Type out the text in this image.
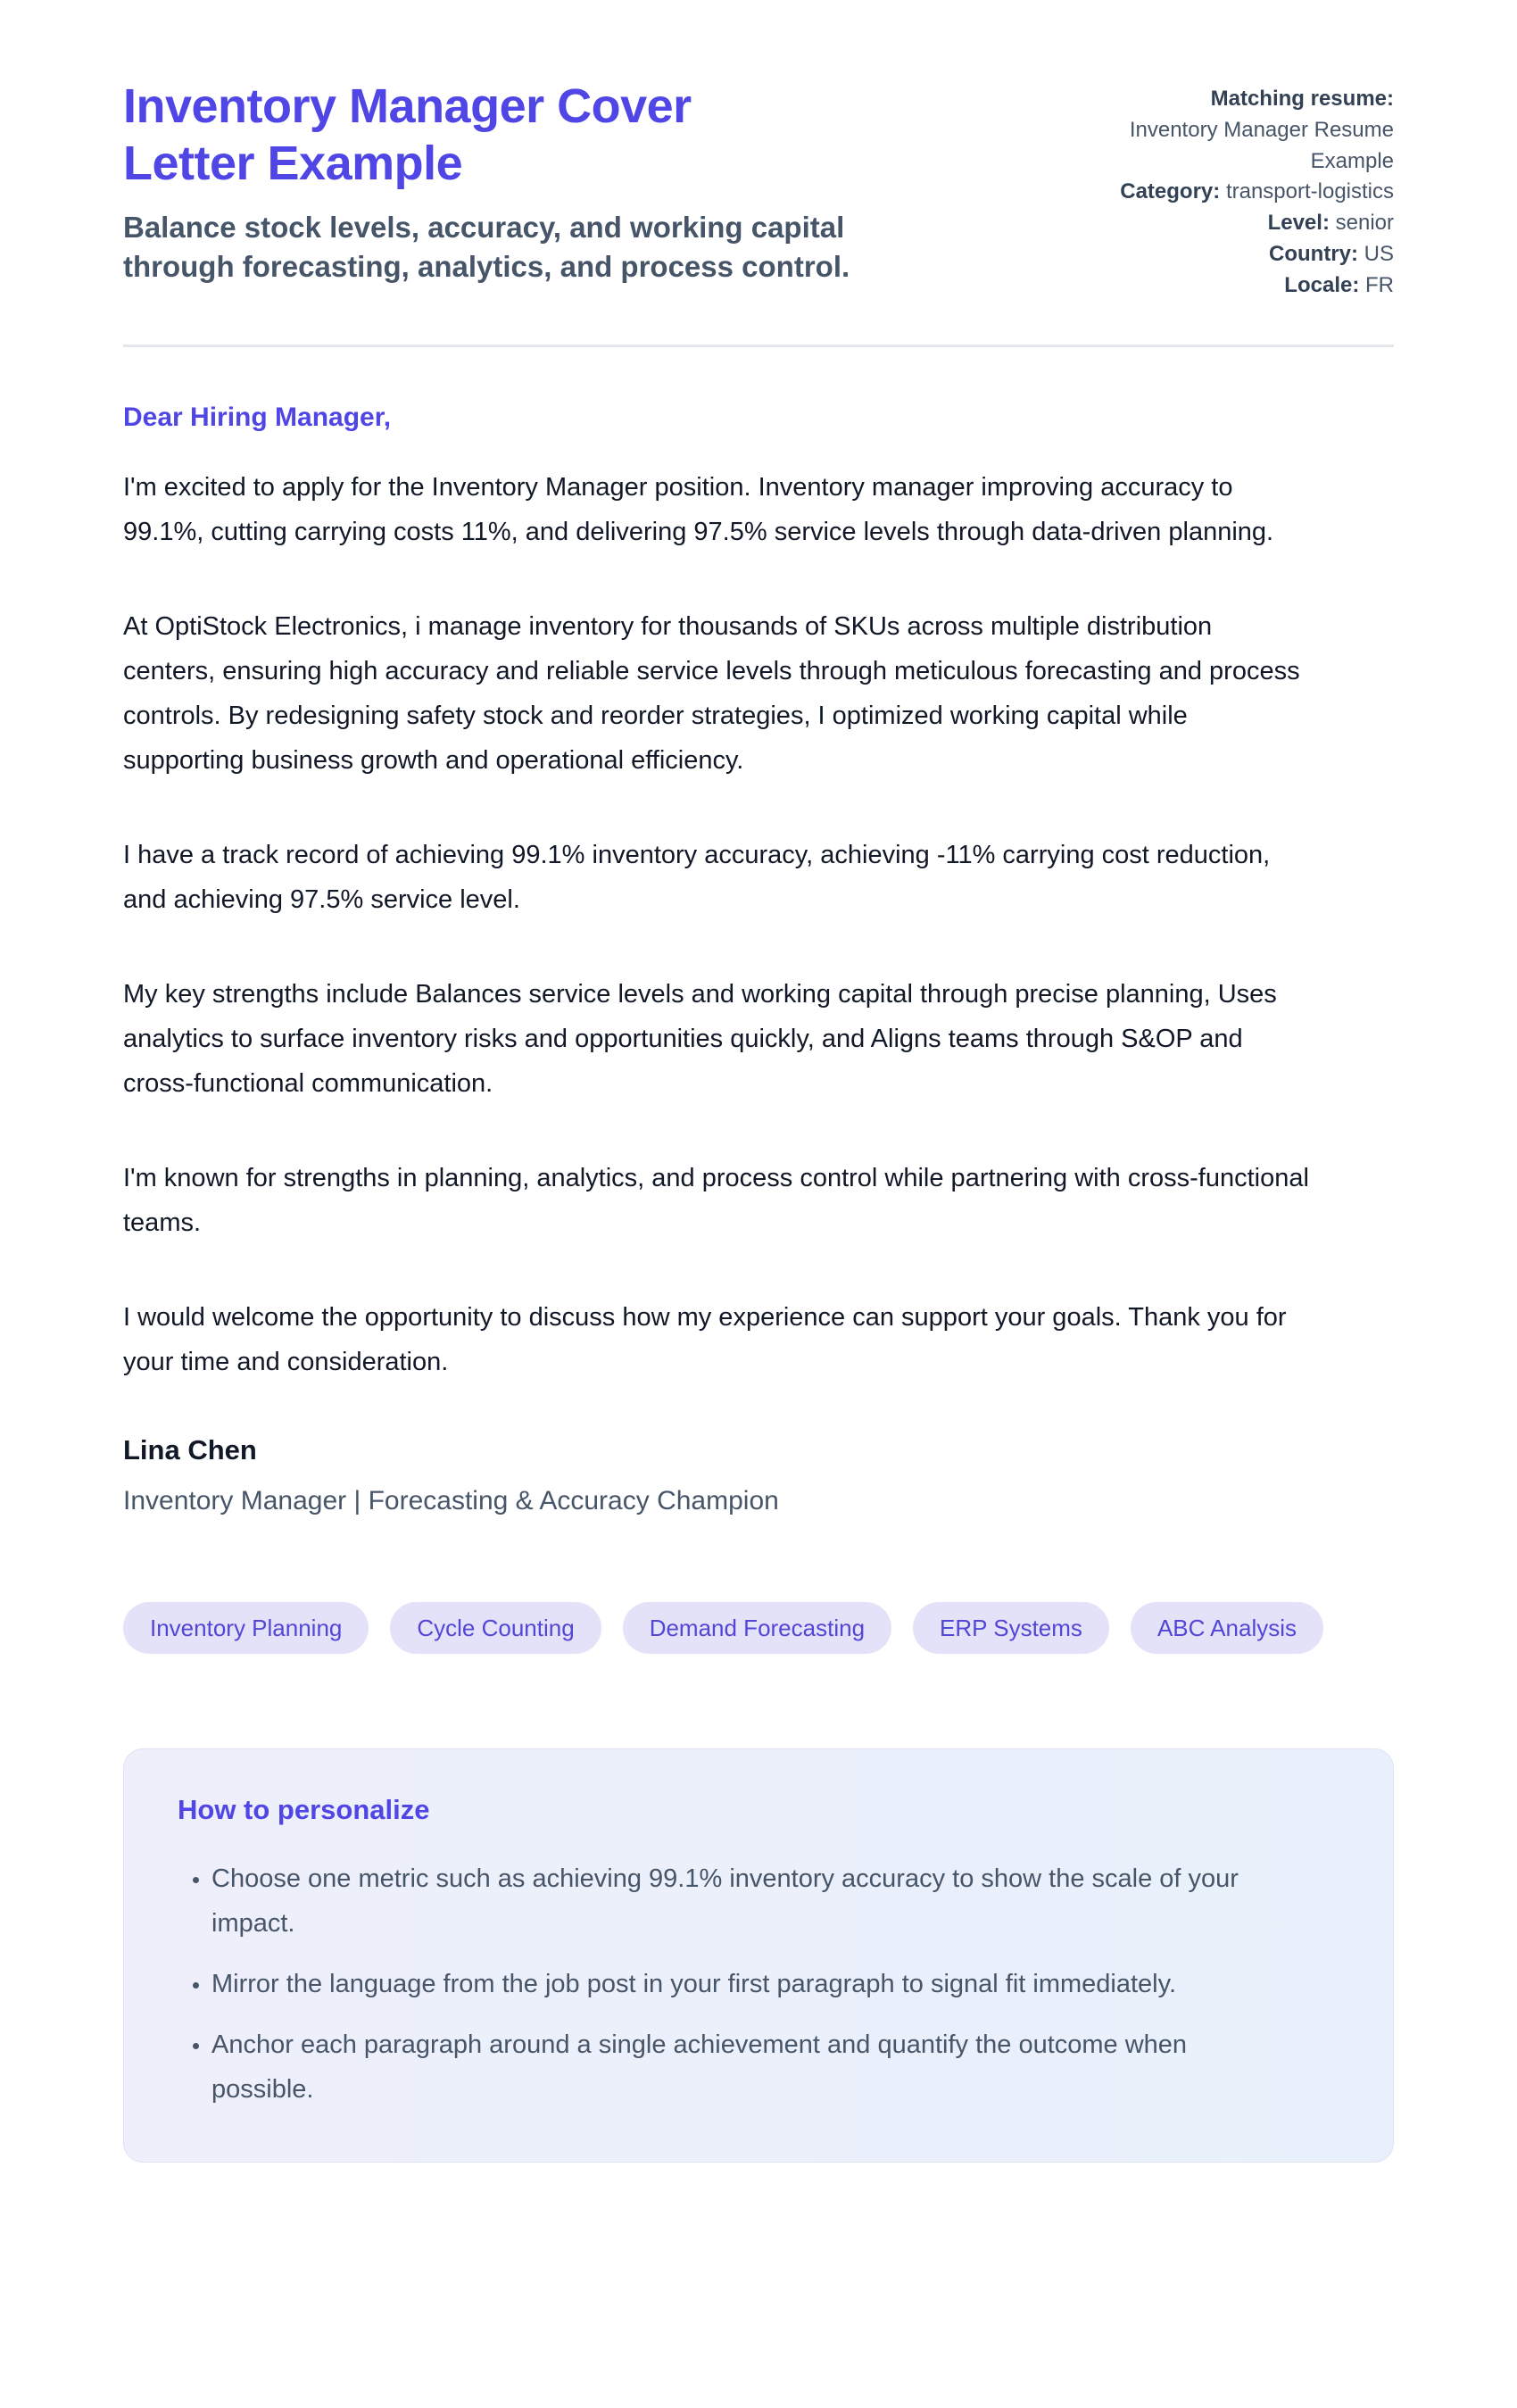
Inventory Manager Cover Letter Example

Balance stock levels, accuracy, and working capital through forecasting, analytics, and process control.

Matching resume:
Inventory Manager Resume Example
Category: transport-logistics
Level: senior
Country: US
Locale: FR

Dear Hiring Manager,

I'm excited to apply for the Inventory Manager position. Inventory manager improving accuracy to 99.1%, cutting carrying costs 11%, and delivering 97.5% service levels through data-driven planning.

At OptiStock Electronics, i manage inventory for thousands of SKUs across multiple distribution centers, ensuring high accuracy and reliable service levels through meticulous forecasting and process controls. By redesigning safety stock and reorder strategies, I optimized working capital while supporting business growth and operational efficiency.

I have a track record of achieving 99.1% inventory accuracy, achieving -11% carrying cost reduction, and achieving 97.5% service level.

My key strengths include Balances service levels and working capital through precise planning, Uses analytics to surface inventory risks and opportunities quickly, and Aligns teams through S&OP and cross-functional communication.

I'm known for strengths in planning, analytics, and process control while partnering with cross-functional teams.

I would welcome the opportunity to discuss how my experience can support your goals. Thank you for your time and consideration.

Lina Chen

Inventory Manager | Forecasting & Accuracy Champion

Inventory Planning	Cycle Counting	Demand Forecasting	ERP Systems	ABC Analysis
How to personalize
• Choose one metric such as achieving 99.1% inventory accuracy to show the scale of your impact.
• Mirror the language from the job post in your first paragraph to signal fit immediately.
• Anchor each paragraph around a single achievement and quantify the outcome when possible.
